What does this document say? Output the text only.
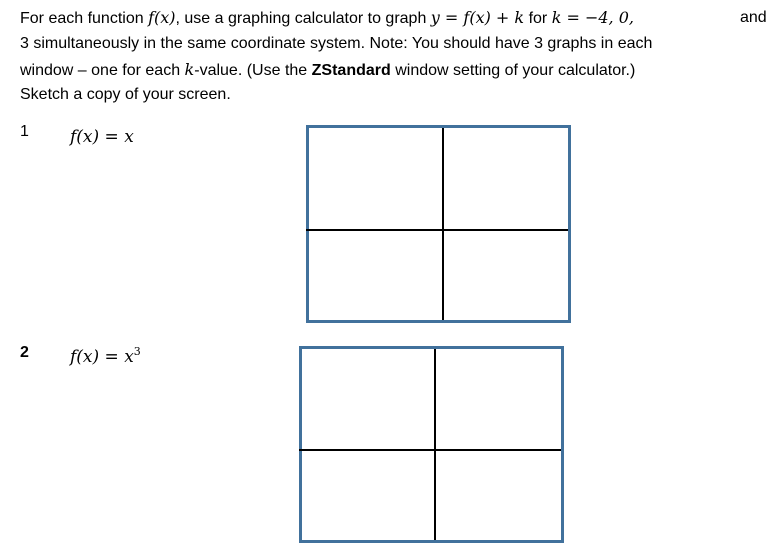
For each function f(x), use a graphing calculator to graph y = f(x) + k for k = −4, 0,	and
3 simultaneously in the same coordinate system. Note: You should have 3 graphs in each
window – one for each k-value. (Use the ZStandard window setting of your calculator.)
Sketch a copy of your screen.
1 f(x) = x
2 $f(x) = x^3$
